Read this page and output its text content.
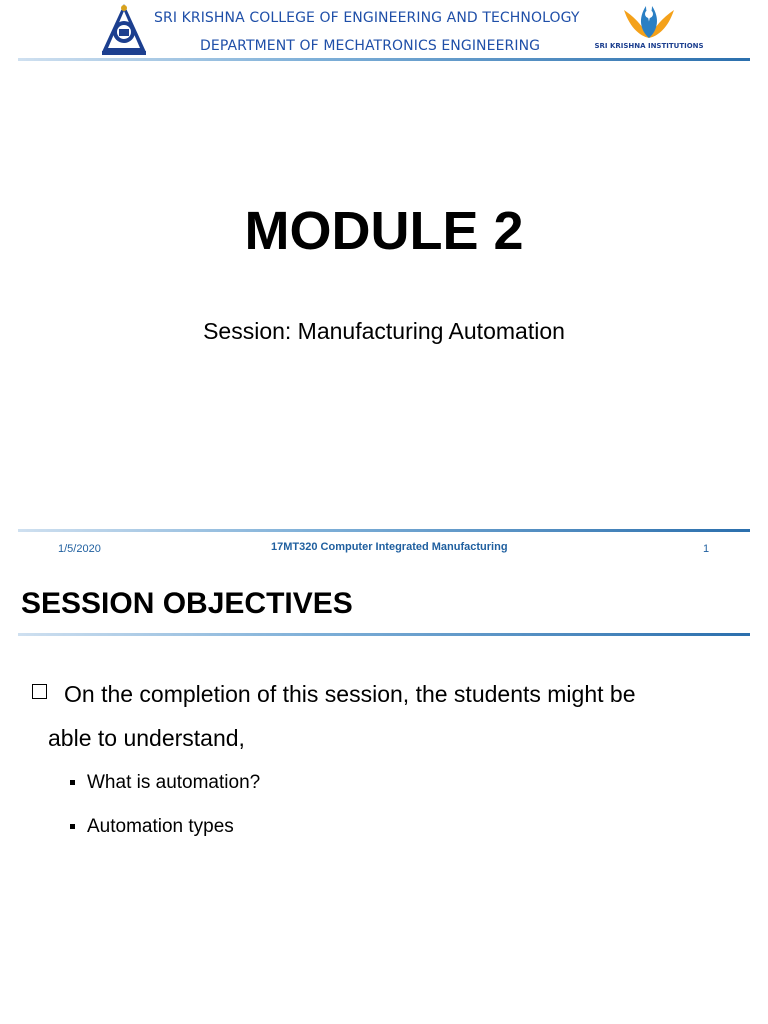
SRI KRISHNA COLLEGE OF ENGINEERING AND TECHNOLOGY
DEPARTMENT OF MECHATRONICS ENGINEERING	SRI KRISHNA INSTITUTIONS
MODULE 2
Session: Manufacturing Automation
1/5/2020	17MT320 Computer Integrated Manufacturing	1
SESSION OBJECTIVES
On the completion of this session, the students might be
able to understand,
What is automation?
Automation types
